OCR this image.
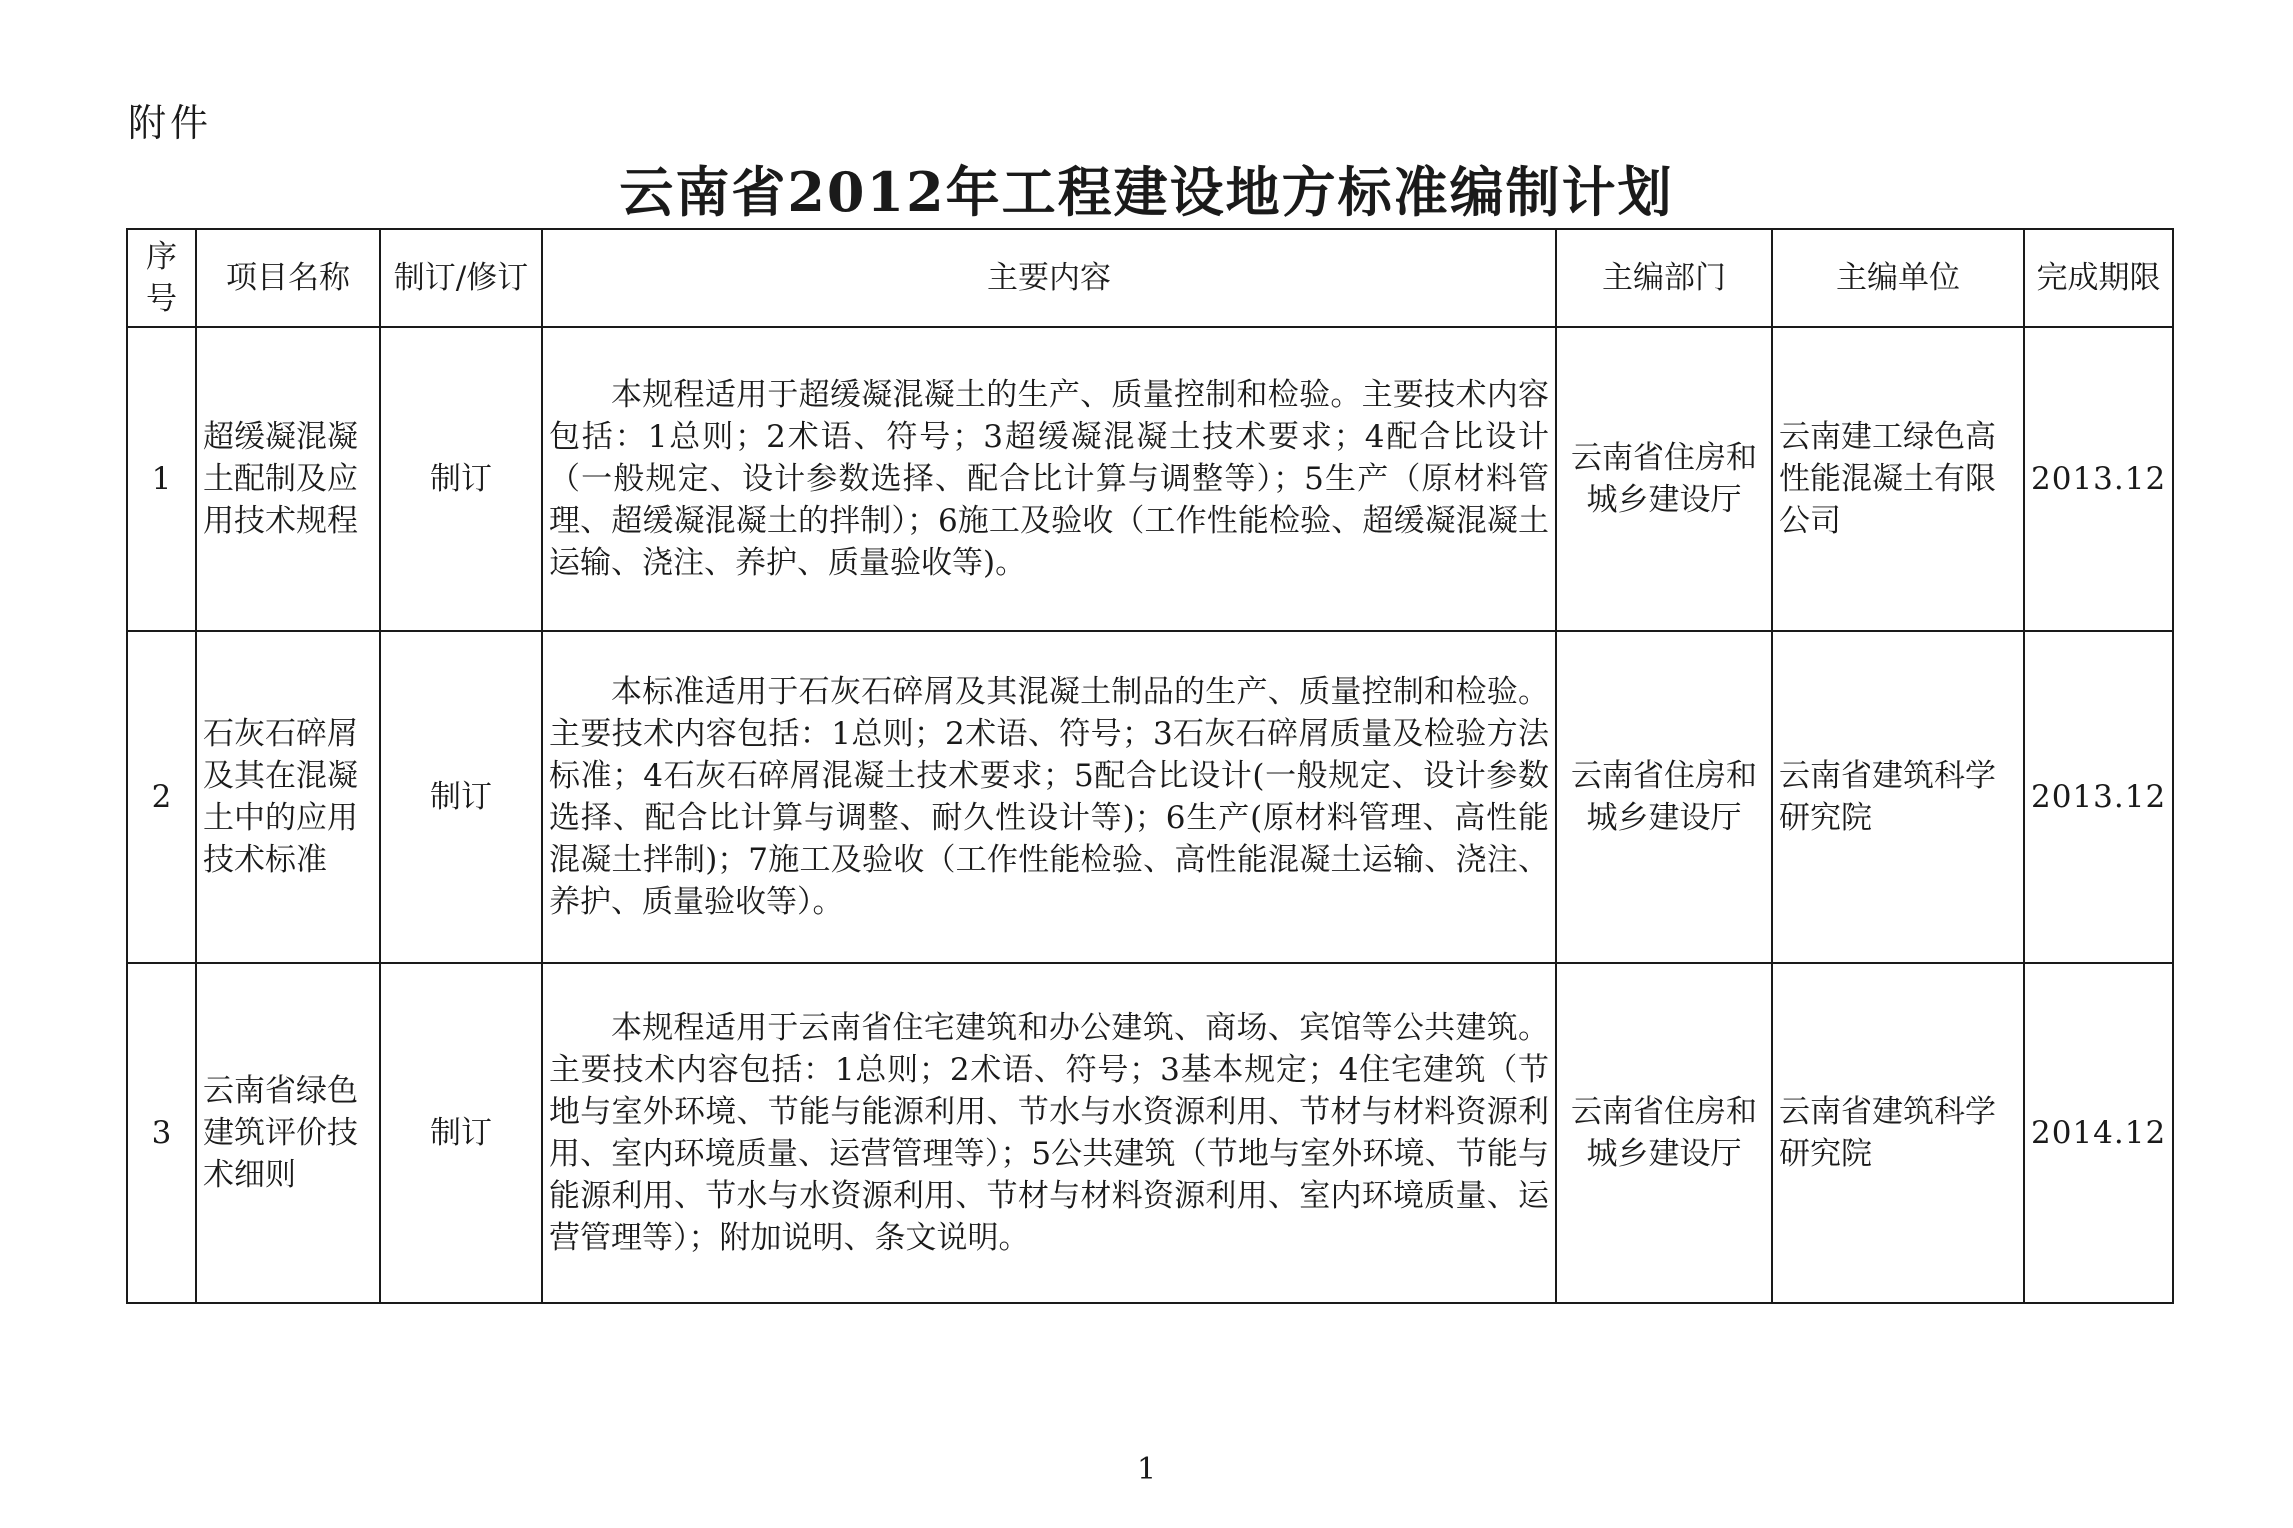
附件
云南省2012年工程建设地方标准编制计划
序号	项目名称	制订/修订	主要内容	主编部门	主编单位	完成期限
1	超缓凝混凝土配制及应用技术规程	制订	本规程适用于超缓凝混凝土的生产、质量控制和检验。主要技术内容包括：1总则；2术语、符号；3超缓凝混凝土技术要求；4配合比设计（一般规定、设计参数选择、配合比计算与调整等）；5生产（原材料管理、超缓凝混凝土的拌制）；6施工及验收（工作性能检验、超缓凝混凝土运输、浇注、养护、质量验收等)。	云南省住房和城乡建设厅	云南建工绿色高性能混凝土有限公司	2013.12
2	石灰石碎屑及其在混凝土中的应用技术标准	制订	本标准适用于石灰石碎屑及其混凝土制品的生产、质量控制和检验。主要技术内容包括：1总则；2术语、符号；3石灰石碎屑质量及检验方法标准；4石灰石碎屑混凝土技术要求；5配合比设计(一般规定、设计参数选择、配合比计算与调整、耐久性设计等)；6生产(原材料管理、高性能混凝土拌制)；7施工及验收（工作性能检验、高性能混凝土运输、浇注、养护、质量验收等）。	云南省住房和城乡建设厅	云南省建筑科学研究院	2013.12
3	云南省绿色建筑评价技术细则	制订	本规程适用于云南省住宅建筑和办公建筑、商场、宾馆等公共建筑。主要技术内容包括：1总则；2术语、符号；3基本规定；4住宅建筑（节地与室外环境、节能与能源利用、节水与水资源利用、节材与材料资源利用、室内环境质量、运营管理等）；5公共建筑（节地与室外环境、节能与能源利用、节水与水资源利用、节材与材料资源利用、室内环境质量、运营管理等）；附加说明、条文说明。	云南省住房和城乡建设厅	云南省建筑科学研究院	2014.12
1
